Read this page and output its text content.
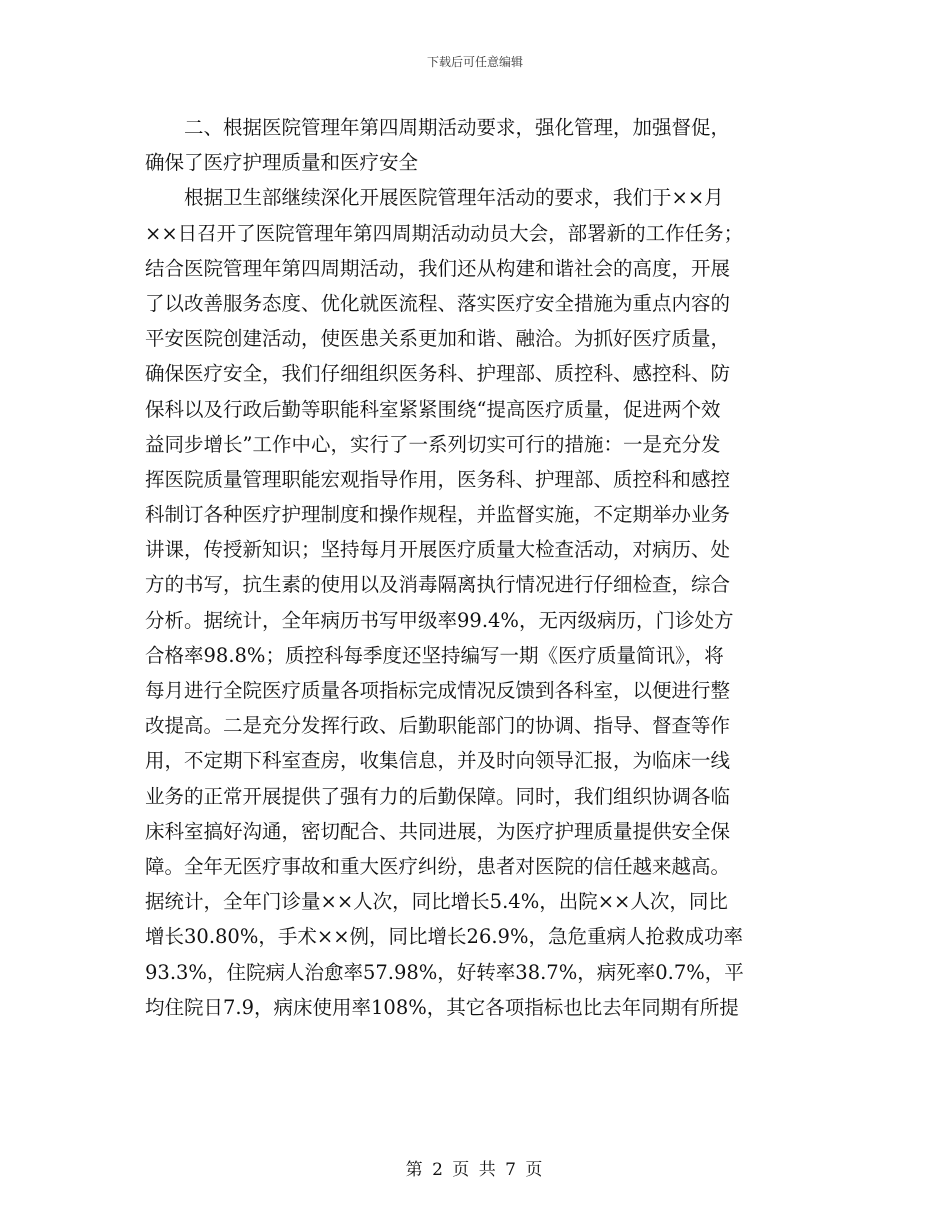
下载后可任意编辑
　　二、根据医院管理年第四周期活动要求，强化管理，加强督促，
确保了医疗护理质量和医疗安全
　　根据卫生部继续深化开展医院管理年活动的要求，我们于××月
××日召开了医院管理年第四周期活动动员大会，部署新的工作任务；
结合医院管理年第四周期活动，我们还从构建和谐社会的高度，开展
了以改善服务态度、优化就医流程、落实医疗安全措施为重点内容的
平安医院创建活动，使医患关系更加和谐、融洽。为抓好医疗质量，
确保医疗安全，我们仔细组织医务科、护理部、质控科、感控科、防
保科以及行政后勤等职能科室紧紧围绕“提高医疗质量，促进两个效
益同步增长”工作中心，实行了一系列切实可行的措施：一是充分发
挥医院质量管理职能宏观指导作用，医务科、护理部、质控科和感控
科制订各种医疗护理制度和操作规程，并监督实施，不定期举办业务
讲课，传授新知识；坚持每月开展医疗质量大检查活动，对病历、处
方的书写，抗生素的使用以及消毒隔离执行情况进行仔细检查，综合
分析。据统计，全年病历书写甲级率99.4%，无丙级病历，门诊处方
合格率98.8%；质控科每季度还坚持编写一期《医疗质量简讯》，将
每月进行全院医疗质量各项指标完成情况反馈到各科室，以便进行整
改提高。二是充分发挥行政、后勤职能部门的协调、指导、督查等作
用，不定期下科室查房，收集信息，并及时向领导汇报，为临床一线
业务的正常开展提供了强有力的后勤保障。同时，我们组织协调各临
床科室搞好沟通，密切配合、共同进展，为医疗护理质量提供安全保
障。全年无医疗事故和重大医疗纠纷，患者对医院的信任越来越高。
据统计，全年门诊量××人次，同比增长5.4%，出院××人次，同比
增长30.80%，手术××例，同比增长26.9%，急危重病人抢救成功率
93.3%，住院病人治愈率57.98%，好转率38.7%，病死率0.7%，平
均住院日7.9，病床使用率108%，其它各项指标也比去年同期有所提
第 2 页 共 7 页
